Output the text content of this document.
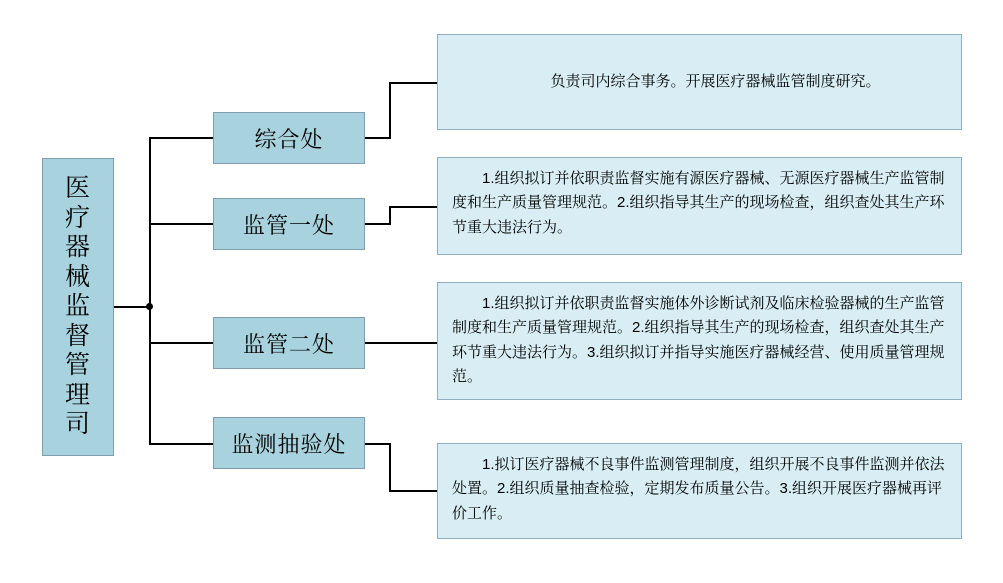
医疗器械监督管理司
综合处
监管一处
监管二处
监测抽验处
负责司内综合事务。开展医疗器械监管制度研究。
1.组织拟订并依职责监督实施有源医疗器械、无源医疗器械生产监管制度和生产质量管理规范。2.组织指导其生产的现场检查，组织查处其生产环节重大违法行为。
1.组织拟订并依职责监督实施体外诊断试剂及临床检验器械的生产监管制度和生产质量管理规范。2.组织指导其生产的现场检查，组织查处其生产环节重大违法行为。3.组织拟订并指导实施医疗器械经营、使用质量管理规范。
1.拟订医疗器械不良事件监测管理制度，组织开展不良事件监测并依法处置。2.组织质量抽查检验，定期发布质量公告。3.组织开展医疗器械再评价工作。
